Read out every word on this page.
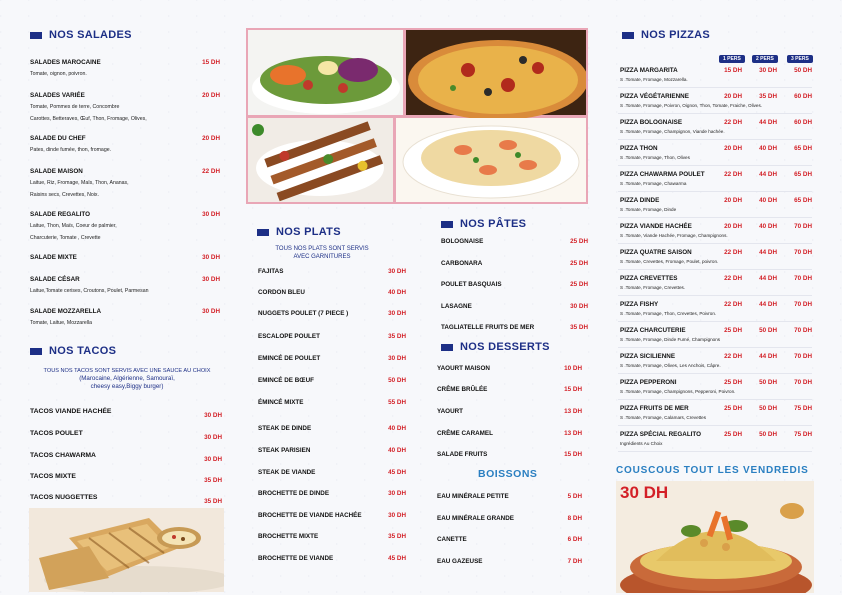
NOS SALADES
SALADES MAROCAINE	15 DH
Tomate, oignon, poivron.
SALADES VARIÉE	20 DH
Tomate, Pommes de terre, Concombre
Carottes, Betteraves, Œuf, Thon, Fromage, Olives,
SALADE DU CHEF	20 DH
Pates, dinde fumée, thon, fromage.
SALADE MAISON	22 DH
Laitue, Riz, Fromage, Maïs, Thon, Ananas,
Raisins secs, Crevettes, Noix.
SALADE REGALITO	30 DH
Laitue, Thon, Maïs, Coeur de palmier,
Charcuterie, Tomate , Crevette
SALADE MIXTE	30 DH
SALADE CÉSAR	30 DH
Laitue,Tomate cerises, Croutons, Poulet, Parmesan
SALADE MOZZARELLA	30 DH
Tomate, Laitue, Mozzarella
NOS TACOS
TOUS NOS TACOS SONT SERVIS AVEC UNE SAUCE AU CHOIX
(Marocaine, Algérienne, Samouraï,
cheesy easy,Biggy burger)
TACOS VIANDE HACHÉE
30 DH
TACOS POULET
30 DH
TACOS CHAWARMA
30 DH
TACOS MIXTE
35 DH
TACOS NUGGETTES
35 DH
NOS PLATS
TOUS NOS PLATS SONT SERVIS
AVEC GARNITURES
FAJITAS	30 DH
CORDON BLEU	40 DH
NUGGETS POULET (7 PIECE )	30 DH
ESCALOPE POULET	35 DH
EMINCÉ DE POULET	30 DH
EMINCÉ DE BŒUF	50 DH
ÉMINCÉ MIXTE	55 DH
STEAK DE DINDE	40 DH
STEAK PARISIEN	40 DH
STEAK DE VIANDE	45 DH
BROCHETTE DE DINDE	30 DH
BROCHETTE DE VIANDE HACHÉE	30 DH
BROCHETTE MIXTE	35 DH
BROCHETTE DE VIANDE	45 DH
NOS PÂTES
BOLOGNAISE	25 DH
CARBONARA	25 DH
POULET BASQUAIS	25 DH
LASAGNE	30 DH
TAGLIATELLE FRUITS DE MER	35 DH
NOS DESSERTS
YAOURT MAISON	10 DH
CRÊME BRÛLÉE	15 DH
YAOURT	13 DH
CRÊME CARAMEL	13 DH
SALADE FRUITS	15 DH
BOISSONS
EAU MINÉRALE PETITE	5 DH
EAU MINÉRALE GRANDE	8 DH
CANETTE	6 DH
EAU GAZEUSE	7 DH
NOS PIZZAS
1 PERS	2 PERS	3 PERS
PIZZA MARGARITA	15 DH	30 DH	50 DH
S .Tomate, Fromage, Mozzarella.
PIZZA VÉGÉTARIENNE	20 DH	35 DH	60 DH
S .Tomate, Fromage, Poivron, Oignon, Thon, Tomate, Fraiche, Olives.
PIZZA BOLOGNAISE	22 DH	44 DH	60 DH
S .Tomate, Fromage, Champignon, Viande hachée.
PIZZA THON	20 DH	40 DH	65 DH
S .Tomate, Fromage, Thon, Olives
PIZZA CHAWARMA POULET	22 DH	44 DH	65 DH
S .Tomate, Fromage, Chawarma
PIZZA DINDE	20 DH	40 DH	65 DH
S .Tomate, Fromage, Dinde
PIZZA VIANDE HACHÉE	20 DH	40 DH	70 DH
S .Tomate, Viande Hachée, Fromage, Champignons.
PIZZA QUATRE SAISON	22 DH	44 DH	70 DH
S .Tomate, Crevettes, Fromage, Poulet, poivron.
PIZZA CREVETTES	22 DH	44 DH	70 DH
S .Tomate, Fromage, Crevettes.
PIZZA FISHY	22 DH	44 DH	70 DH
S .Tomate, Fromage, Thon, Crevettes, Poivron.
PIZZA CHARCUTERIE	25 DH	50 DH	70 DH
S .Tomate, Fromage, Dinde Fumé, Champignons
PIZZA SICILIENNE	22 DH	44 DH	70 DH
S .Tomate, Fromage, Olives, Les Anchois, Câpre.
PIZZA PEPPERONI	25 DH	50 DH	70 DH
S .Tomate, Fromage, Champignons, Pepperoni, Poivron.
PIZZA FRUITS DE MER	25 DH	50 DH	75 DH
S .Tomate, Fromage, Calamars, Crevettes
PIZZA SPÉCIAL REGALITO	25 DH	50 DH	75 DH
Ingrédients Au Choix
COUSCOUS TOUT LES VENDREDIS
30 DH
